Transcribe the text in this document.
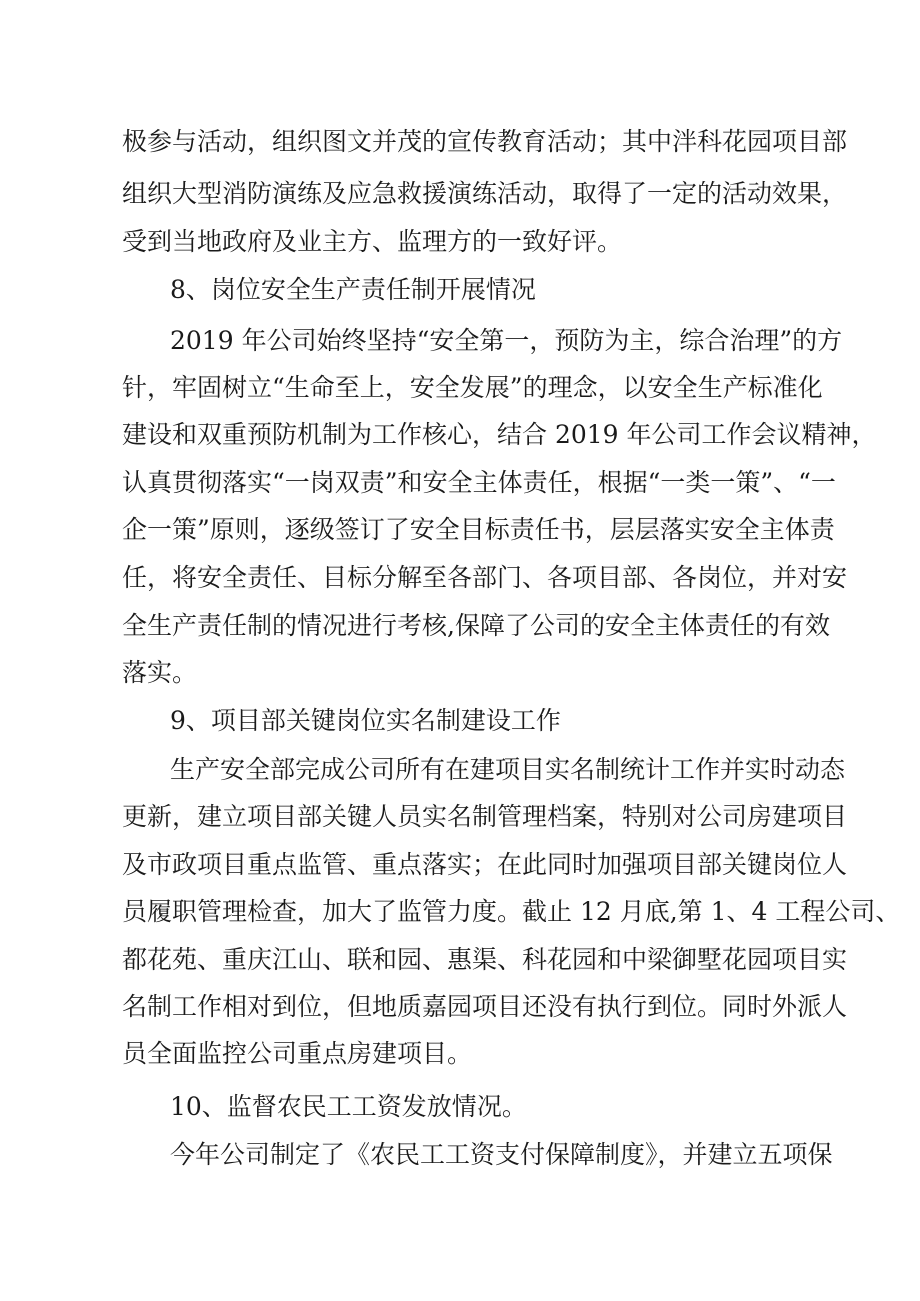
极参与活动，组织图文并茂的宣传教育活动；其中泮科花园项目部
组织大型消防演练及应急救援演练活动，取得了一定的活动效果，
受到当地政府及业主方、监理方的一致好评。
8、岗位安全生产责任制开展情况
2019 年公司始终坚持“安全第一，预防为主，综合治理”的方
针，牢固树立“生命至上，安全发展”的理念，以安全生产标准化
建设和双重预防机制为工作核心，结合 2019 年公司工作会议精神，
认真贯彻落实“一岗双责”和安全主体责任，根据“一类一策”、“一
企一策”原则，逐级签订了安全目标责任书，层层落实安全主体责
任，将安全责任、目标分解至各部门、各项目部、各岗位，并对安
全生产责任制的情况进行考核,保障了公司的安全主体责任的有效
落实。
9、项目部关键岗位实名制建设工作
生产安全部完成公司所有在建项目实名制统计工作并实时动态
更新，建立项目部关键人员实名制管理档案，特别对公司房建项目
及市政项目重点监管、重点落实；在此同时加强项目部关键岗位人
员履职管理检查，加大了监管力度。截止 12 月底,第 1、4 工程公司、
都花苑、重庆江山、联和园、惠渠、科花园和中梁御墅花园项目实
名制工作相对到位，但地质嘉园项目还没有执行到位。同时外派人
员全面监控公司重点房建项目。
10、监督农民工工资发放情况。
今年公司制定了《农民工工资支付保障制度》，并建立五项保
